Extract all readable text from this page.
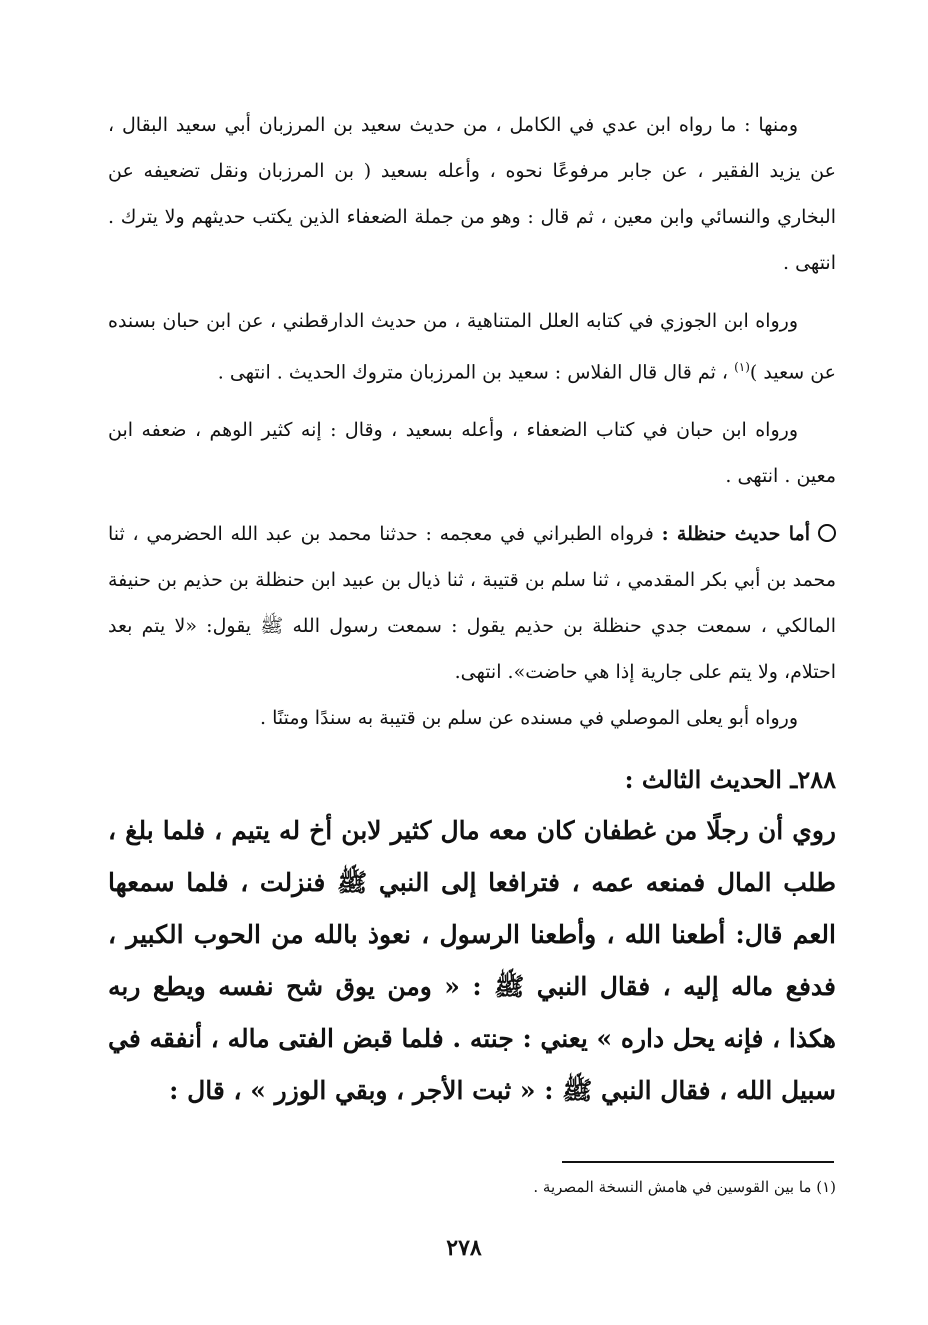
ومنها : ما رواه ابن عدي في الكامل ، من حديث سعيد بن المرزبان أبي سعيد البقال ، عن يزيد الفقير ، عن جابر مرفوعًا نحوه ، وأعله بسعيد ( بن المرزبان ونقل تضعيفه عن البخاري والنسائي وابن معين ، ثم قال : وهو من جملة الضعفاء الذين يكتب حديثهم ولا يترك . انتهى .

ورواه ابن الجوزي في كتابه العلل المتناهية ، من حديث الدارقطني ، عن ابن حبان بسنده عن سعيد )$^{(١)}$ ، ثم قال قال الفلاس : سعيد بن المرزبان متروك الحديث . انتهى .

ورواه ابن حبان في كتاب الضعفاء ، وأعله بسعيد ، وقال : إنه كثير الوهم ، ضعفه ابن معين . انتهى .

أما حديث حنظلة : فرواه الطبراني في معجمه : حدثنا محمد بن عبد الله الحضرمي ، ثنا محمد بن أبي بكر المقدمي ، ثنا سلم بن قتيبة ، ثنا ذيال بن عبيد ابن حنظلة بن حذيم بن حنيفة المالكي ، سمعت جدي حنظلة بن حذيم يقول : سمعت رسول الله ﷺ يقول: «لا يتم بعد احتلام، ولا يتم على جارية إذا هي حاضت». انتهى.

ورواه أبو يعلى الموصلي في مسنده عن سلم بن قتيبة به سندًا ومتنًا .

٢٨٨ـ الحديث الثالث :

روي أن رجلًا من غطفان كان معه مال كثير لابن أخ له يتيم ، فلما بلغ ، طلب المال فمنعه عمه ، فترافعا إلى النبي ﷺ فنزلت ، فلما سمعها العم قال: أطعنا الله ، وأطعنا الرسول ، نعوذ بالله من الحوب الكبير ، فدفع ماله إليه ، فقال النبي ﷺ : « ومن يوق شح نفسه ويطع ربه هكذا ، فإنه يحل داره » يعني : جنته . فلما قبض الفتى ماله ، أنفقه في سبيل الله ، فقال النبي ﷺ : « ثبت الأجر ، وبقي الوزر » ، قال :

(١) ما بين القوسين في هامش النسخة المصرية .
٢٧٨
